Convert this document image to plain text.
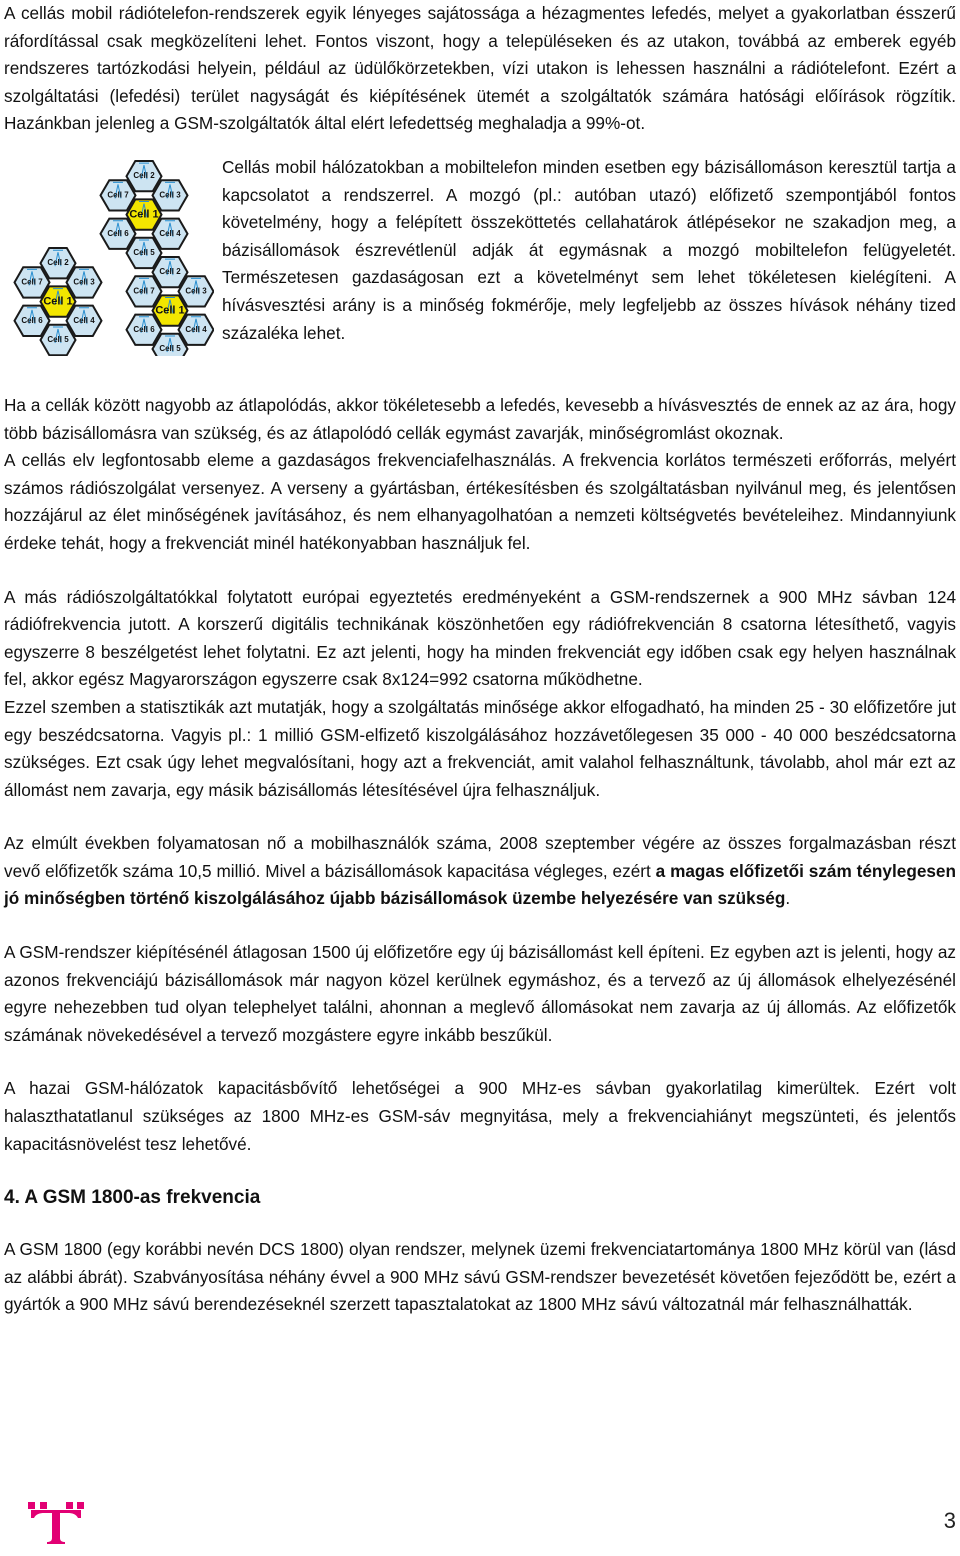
A cellás mobil rádiótelefon-rendszerek egyik lényeges sajátossága a hézagmentes lefedés, melyet a gyakorlatban ésszerű ráfordítással csak megközelíteni lehet. Fontos viszont, hogy a településeken és az utakon, továbbá az emberek egyéb rendszeres tartózkodási helyein, például az üdülőkörzetekben, vízi utakon is lehessen használni a rádiótelefont. Ezért a szolgáltatási (lefedési) terület nagyságát és kiépítésének ütemét a szolgáltatók számára hatósági előírások rögzítik. Hazánkban jelenleg a GSM-szolgáltatók által elért lefedettség meghaladja a 99%-ot.

Cell 2
Cell 7	Cell 3
Cell 1
Cell 6	Cell 4
Cell 5
Cell 2
Cell 7	Cell 3
Cell 1
Cell 6	Cell 4
Cell 5
Cell 2
Cell 7	Cell 3
Cell 1
Cell 6	Cell 4
Cell 5

Cellás mobil hálózatokban a mobiltelefon minden esetben egy bázisállomáson keresztül tartja a kapcsolatot a rendszerrel. A mozgó (pl.: autóban utazó) előfizető szempontjából fontos követelmény, hogy a felépített összeköttetés cellahatárok átlépésekor ne szakadjon meg, a bázisállomások észrevétlenül adják át egymásnak a mozgó mobiltelefon felügyeletét. Természetesen gazdaságosan ezt a követelményt sem lehet tökéletesen kielégíteni. A hívásvesztési arány is a minőség fokmérője, mely legfeljebb az összes hívások néhány tized százaléka lehet.

Ha a cellák között nagyobb az átlapolódás, akkor tökéletesebb a lefedés, kevesebb a hívásvesztés de ennek az az ára, hogy több bázisállomásra van szükség, és az átlapolódó cellák egymást zavarják, minőségromlást okoznak.

A cellás elv legfontosabb eleme a gazdaságos frekvenciafelhasználás. A frekvencia korlátos természeti erőforrás, melyért számos rádiószolgálat versenyez. A verseny a gyártásban, értékesítésben és szolgáltatásban nyilvánul meg, és jelentősen hozzájárul az élet minőségének javításához, és nem elhanyagolhatóan a nemzeti költségvetés bevételeihez. Mindannyiunk érdeke tehát, hogy a frekvenciát minél hatékonyabban használjuk fel.

A más rádiószolgáltatókkal folytatott európai egyeztetés eredményeként a GSM-rendszernek a 900 MHz sávban 124 rádiófrekvencia jutott. A korszerű digitális technikának köszönhetően egy rádiófrekvencián 8 csatorna létesíthető, vagyis egyszerre 8 beszélgetést lehet folytatni. Ez azt jelenti, hogy ha minden frekvenciát egy időben csak egy helyen használnak fel, akkor egész Magyarországon egyszerre csak 8x124=992 csatorna működhetne.

Ezzel szemben a statisztikák azt mutatják, hogy a szolgáltatás minősége akkor elfogadható, ha minden 25 - 30 előfizetőre jut egy beszédcsatorna. Vagyis pl.: 1 millió GSM-elfizető kiszolgálásához hozzávetőlegesen 35 000 - 40 000 beszédcsatorna szükséges. Ezt csak úgy lehet megvalósítani, hogy azt a frekvenciát, amit valahol felhasználtunk, távolabb, ahol már ezt az állomást nem zavarja, egy másik bázisállomás létesítésével újra felhasználjuk.

Az elmúlt években folyamatosan nő a mobilhasználók száma, 2008 szeptember végére az összes forgalmazásban részt vevő előfizetők száma 10,5 millió. Mivel a bázisállomások kapacitása végleges, ezért a magas előfizetői szám ténylegesen jó minőségben történő kiszolgálásához újabb bázisállomások üzembe helyezésére van szükség.

A GSM-rendszer kiépítésénél átlagosan 1500 új előfizetőre egy új bázisállomást kell építeni. Ez egyben azt is jelenti, hogy az azonos frekvenciájú bázisállomások már nagyon közel kerülnek egymáshoz, és a tervező az új állomások elhelyezésénél egyre nehezebben tud olyan telephelyet találni, ahonnan a meglevő állomásokat nem zavarja az új állomás. Az előfizetők számának növekedésével a tervező mozgástere egyre inkább beszűkül.

A hazai GSM-hálózatok kapacitásbővítő lehetőségei a 900 MHz-es sávban gyakorlatilag kimerültek. Ezért volt halaszthatatlanul szükséges az 1800 MHz-es GSM-sáv megnyitása, mely a frekvenciahiányt megszünteti, és jelentős kapacitásnövelést tesz lehetővé.

4. A GSM 1800-as frekvencia

A GSM 1800 (egy korábbi nevén DCS 1800) olyan rendszer, melynek üzemi frekvenciatartománya 1800 MHz körül van (lásd az alábbi ábrát). Szabványosítása néhány évvel a 900 MHz sávú GSM-rendszer bevezetését követően fejeződött be, ezért a gyártók a 900 MHz sávú berendezéseknél szerzett tapasztalatokat az 1800 MHz sávú változatnál már felhasználhatták.

3
